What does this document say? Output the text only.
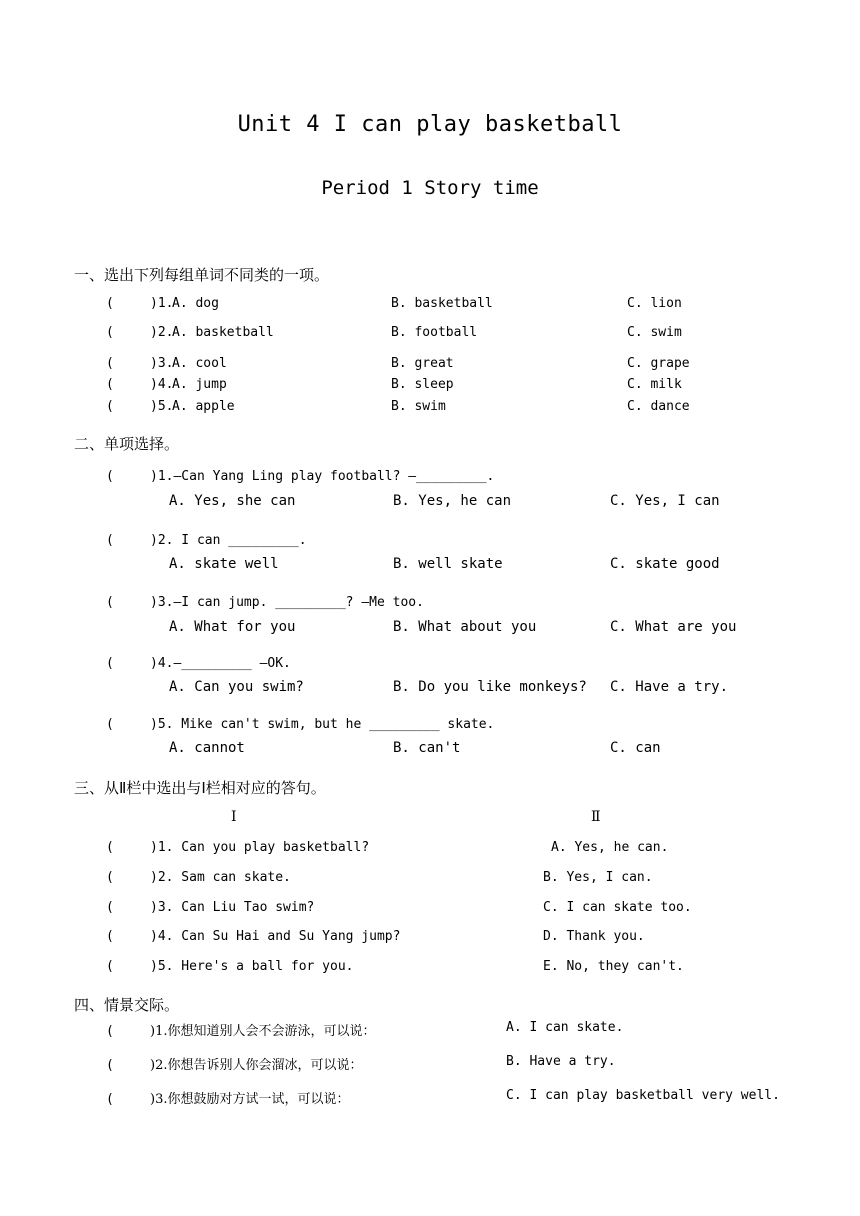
Unit 4 I can play basketball
Period 1 Story time
一、选出下列每组单词不同类的一项。
(	)1.
A. dog	B. basketball	C. lion
(	)2.
A. basketball	B. football	C. swim
(	)3.
A. cool	B. great	C. grape
(	)4.
A. jump	B. sleep	C. milk
(	)5.
A. apple	B. swim	C. dance
二、单项选择。
(	)1.—Can Yang Ling play football? —_________.
A. Yes, she can	B. Yes, he can	C. Yes, I can
(	)2. I can _________.
A. skate well	B. well skate	C. skate good
(	)3.—I can jump. _________? —Me too.
A. What for you	B. What about you	C. What are you
(	)4.—_________ —OK.
A. Can you swim?	B. Do you like monkeys? C. Have a try.
(	)5. Mike can't swim, but he _________ skate.
A. cannot	B. can't	C. can
三、从Ⅱ栏中选出与Ⅰ栏相对应的答句。
Ⅰ	Ⅱ
(	)1. Can you play basketball?	A. Yes, he can.
(	)2. Sam can skate.	B. Yes, I can.
(	)3. Can Liu Tao swim?	C. I can skate too.
(	)4. Can Su Hai and Su Yang jump?	D. Thank you.
(	)5. Here's a ball for you.	E. No, they can't.
四、情景交际。
(	)1.你想知道别人会不会游泳，可以说：	A. I can skate.
(	)2.你想告诉别人你会溜冰，可以说：	B. Have a try.
(	)3.你想鼓励对方试一试，可以说：	C. I can play basketball very well.
